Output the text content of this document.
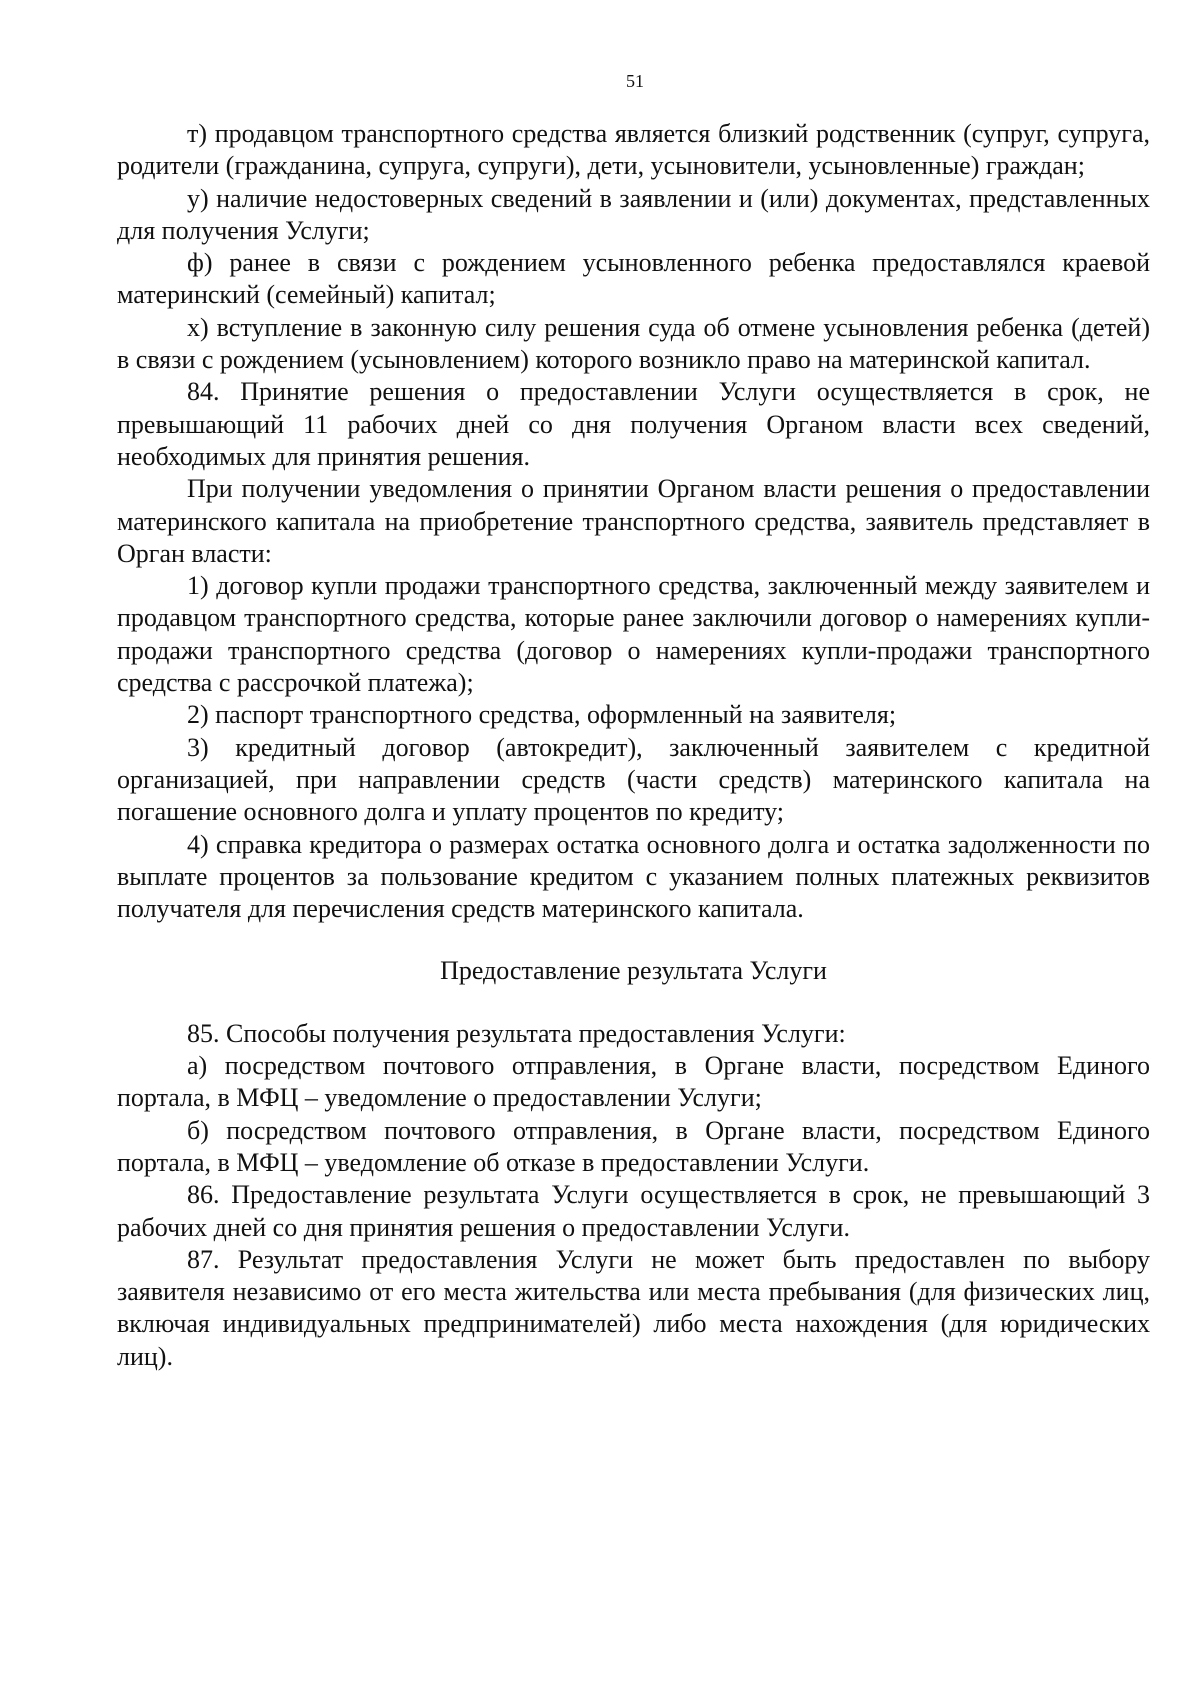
51

т) продавцом транспортного средства является близкий родственник (супруг, супруга, родители (гражданина, супруга, супруги), дети, усыновители, усыновленные) граждан;

у) наличие недостоверных сведений в заявлении и (или) документах, представленных для получения Услуги;

ф) ранее в связи с рождением усыновленного ребенка предоставлялся краевой материнский (семейный) капитал;

х) вступление в законную силу решения суда об отмене усыновления ребенка (детей) в связи с рождением (усыновлением) которого возникло право на материнской капитал.

84. Принятие решения о предоставлении Услуги осуществляется в срок, не превышающий 11 рабочих дней со дня получения Органом власти всех сведений, необходимых для принятия решения.

При получении уведомления о принятии Органом власти решения о предоставлении материнского капитала на приобретение транспортного средства, заявитель представляет в Орган власти:

1) договор купли продажи транспортного средства, заключенный между заявителем и продавцом транспортного средства, которые ранее заключили договор о намерениях купли-продажи транспортного средства (договор о намерениях купли-продажи транспортного средства с рассрочкой платежа);

2) паспорт транспортного средства, оформленный на заявителя;

3) кредитный договор (автокредит), заключенный заявителем с кредитной организацией, при направлении средств (части средств) материнского капитала на погашение основного долга и уплату процентов по кредиту;

4) справка кредитора о размерах остатка основного долга и остатка задолженности по выплате процентов за пользование кредитом с указанием полных платежных реквизитов получателя для перечисления средств материнского капитала.

Предоставление результата Услуги

85. Способы получения результата предоставления Услуги:

а) посредством почтового отправления, в Органе власти, посредством Единого портала, в МФЦ – уведомление о предоставлении Услуги;

б) посредством почтового отправления, в Органе власти, посредством Единого портала, в МФЦ – уведомление об отказе в предоставлении Услуги.

86. Предоставление результата Услуги осуществляется в срок, не превышающий 3 рабочих дней со дня принятия решения о предоставлении Услуги.

87. Результат предоставления Услуги не может быть предоставлен по выбору заявителя независимо от его места жительства или места пребывания (для физических лиц, включая индивидуальных предпринимателей) либо места нахождения (для юридических лиц).
